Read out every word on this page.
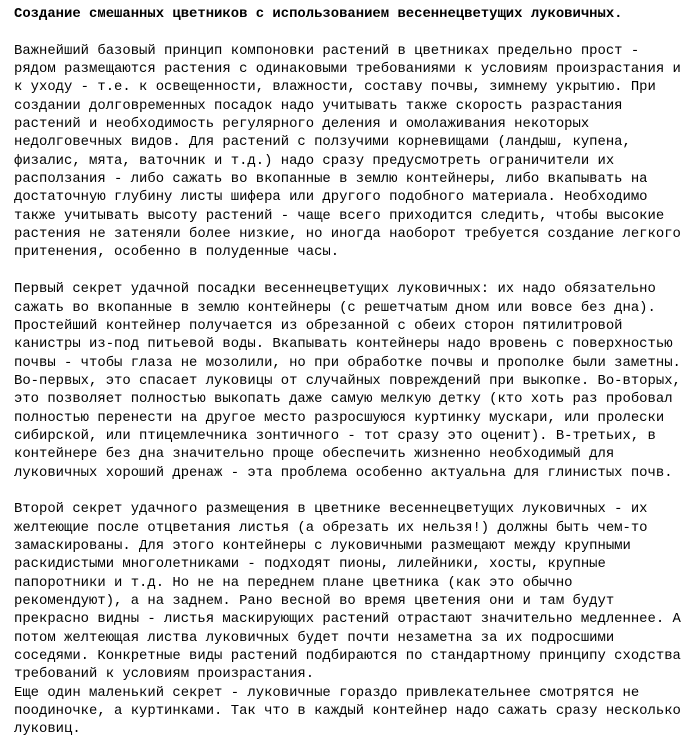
Создание смешанных цветников с использованием весеннецветущих луковичных.
Важнейший базовый принцип компоновки растений в цветниках предельно прост -
рядом размещаются растения с одинаковыми требованиями к условиям произрастания и
к уходу - т.е. к освещенности, влажности, составу почвы, зимнему укрытию. При
создании долговременных посадок надо учитывать также скорость разрастания
растений и необходимость регулярного деления и омолаживания некоторых
недолговечных видов. Для растений с ползучими корневищами (ландыш, купена,
физалис, мята, ваточник и т.д.) надо сразу предусмотреть ограничители их
расползания - либо сажать во вкопанные в землю контейнеры, либо вкапывать на
достаточную глубину листы шифера или другого подобного материала. Необходимо
также учитывать высоту растений - чаще всего приходится следить, чтобы высокие
растения не затеняли более низкие, но иногда наоборот требуется создание легкого
притенения, особенно в полуденные часы.
Первый секрет удачной посадки весеннецветущих луковичных: их надо обязательно
сажать во вкопанные в землю контейнеры (с решетчатым дном или вовсе без дна).
Простейший контейнер получается из обрезанной с обеих сторон пятилитровой
канистры из-под питьевой воды. Вкапывать контейнеры надо вровень с поверхностью
почвы - чтобы глаза не мозолили, но при обработке почвы и прополке были заметны.
Во-первых, это спасает луковицы от случайных повреждений при выкопке. Во-вторых,
это позволяет полностью выкопать даже самую мелкую детку (кто хоть раз пробовал
полностью перенести на другое место разросшуюся куртинку мускари, или пролески
сибирской, или птицемлечника зонтичного - тот сразу это оценит). В-третьих, в
контейнере без дна значительно проще обеспечить жизненно необходимый для
луковичных хороший дренаж - эта проблема особенно актуальна для глинистых почв.
Второй секрет удачного размещения в цветнике весеннецветущих луковичных - их
желтеющие после отцветания листья (а обрезать их нельзя!) должны быть чем-то
замаскированы. Для этого контейнеры с луковичными размещают между крупными
раскидистыми многолетниками - подходят пионы, лилейники, хосты, крупные
папоротники и т.д. Но не на переднем плане цветника (как это обычно
рекомендуют), а на заднем. Рано весной во время цветения они и там будут
прекрасно видны - листья маскирующих растений отрастают значительно медленнее. А
потом желтеющая листва луковичных будет почти незаметна за их подросшими
соседями. Конкретные виды растений подбираются по стандартному принципу сходства
требований к условиям произрастания.
Еще один маленький секрет - луковичные гораздо привлекательнее смотрятся не
поодиночке, а куртинками. Так что в каждый контейнер надо сажать сразу несколько
луковиц.
